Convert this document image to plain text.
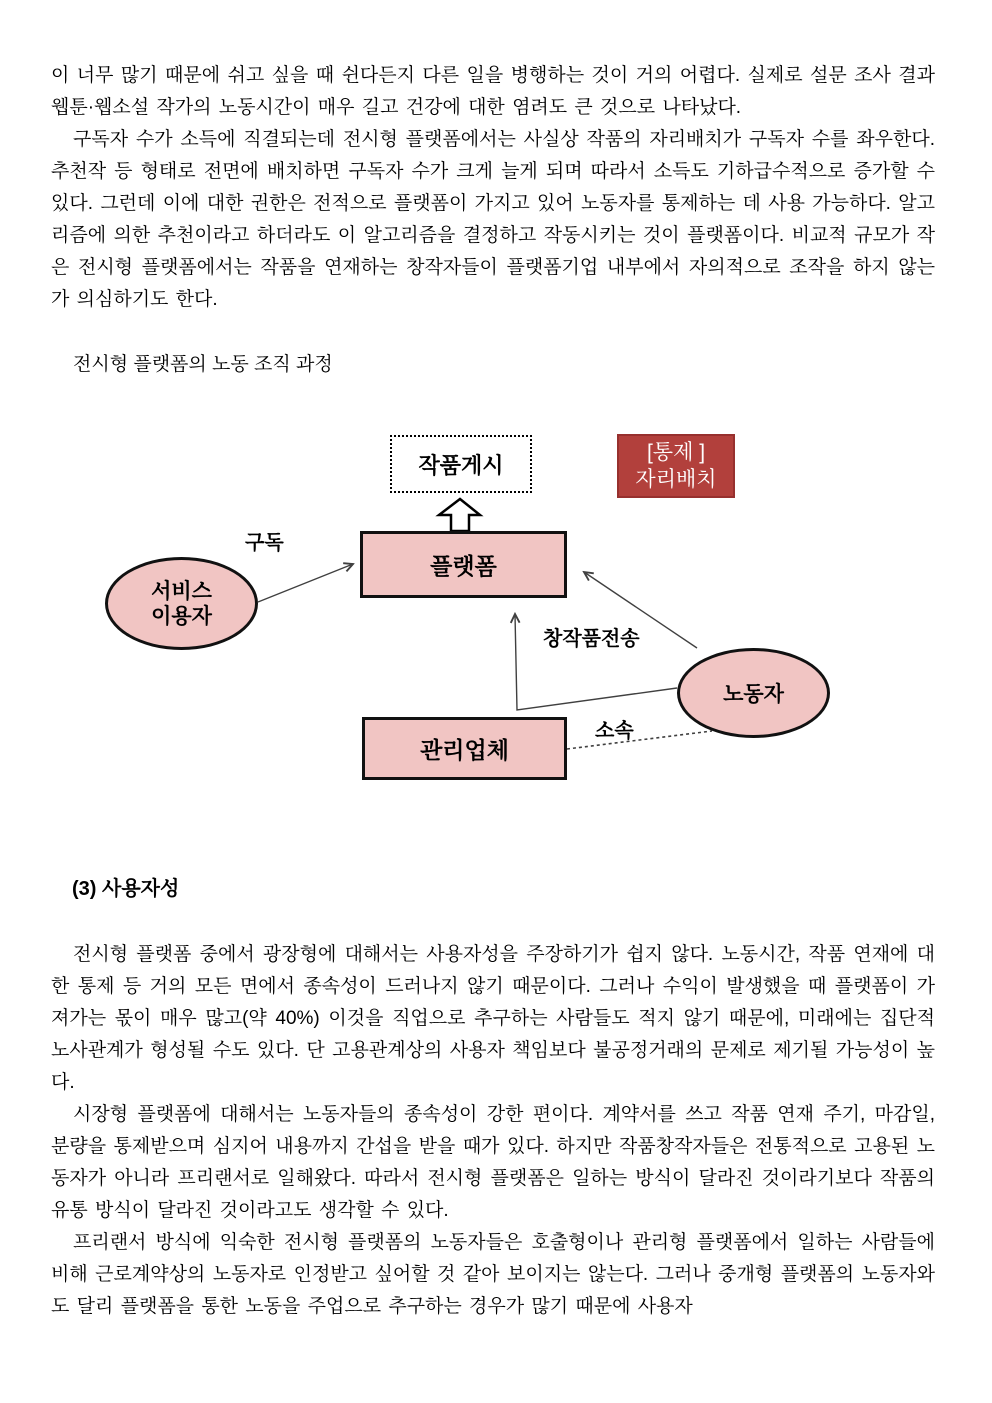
이 너무 많기 때문에 쉬고 싶을 때 쉰다든지 다른 일을 병행하는 것이 거의 어렵다. 실제로 설문 조사 결과 웹툰·웹소설 작가의 노동시간이 매우 길고 건강에 대한 염려도 큰 것으로 나타났다.

구독자 수가 소득에 직결되는데 전시형 플랫폼에서는 사실상 작품의 자리배치가 구독자 수를 좌우한다. 추천작 등 형태로 전면에 배치하면 구독자 수가 크게 늘게 되며 따라서 소득도 기하급수적으로 증가할 수 있다. 그런데 이에 대한 권한은 전적으로 플랫폼이 가지고 있어 노동자를 통제하는 데 사용 가능하다. 알고리즘에 의한 추천이라고 하더라도 이 알고리즘을 결정하고 작동시키는 것이 플랫폼이다. 비교적 규모가 작은 전시형 플랫폼에서는 작품을 연재하는 창작자들이 플랫폼기업 내부에서 자의적으로 조작을 하지 않는가 의심하기도 한다.

전시형 플랫폼의 노동 조직 과정
작품게시	[통제 ]
자리배치
플랫폼
관리업체
서비스
이용자
노동자
구독
창작품전송
소속
(3) 사용자성

전시형 플랫폼 중에서 광장형에 대해서는 사용자성을 주장하기가 쉽지 않다. 노동시간, 작품 연재에 대한 통제 등 거의 모든 면에서 종속성이 드러나지 않기 때문이다. 그러나 수익이 발생했을 때 플랫폼이 가져가는 몫이 매우 많고(약 40%) 이것을 직업으로 추구하는 사람들도 적지 않기 때문에, 미래에는 집단적 노사관계가 형성될 수도 있다. 단 고용관계상의 사용자 책임보다 불공정거래의 문제로 제기될 가능성이 높다.

시장형 플랫폼에 대해서는 노동자들의 종속성이 강한 편이다. 계약서를 쓰고 작품 연재 주기, 마감일, 분량을 통제받으며 심지어 내용까지 간섭을 받을 때가 있다. 하지만 작품창작자들은 전통적으로 고용된 노동자가 아니라 프리랜서로 일해왔다. 따라서 전시형 플랫폼은 일하는 방식이 달라진 것이라기보다 작품의 유통 방식이 달라진 것이라고도 생각할 수 있다.

프리랜서 방식에 익숙한 전시형 플랫폼의 노동자들은 호출형이나 관리형 플랫폼에서 일하는 사람들에 비해 근로계약상의 노동자로 인정받고 싶어할 것 같아 보이지는 않는다. 그러나 중개형 플랫폼의 노동자와도 달리 플랫폼을 통한 노동을 주업으로 추구하는 경우가 많기 때문에 사용자
